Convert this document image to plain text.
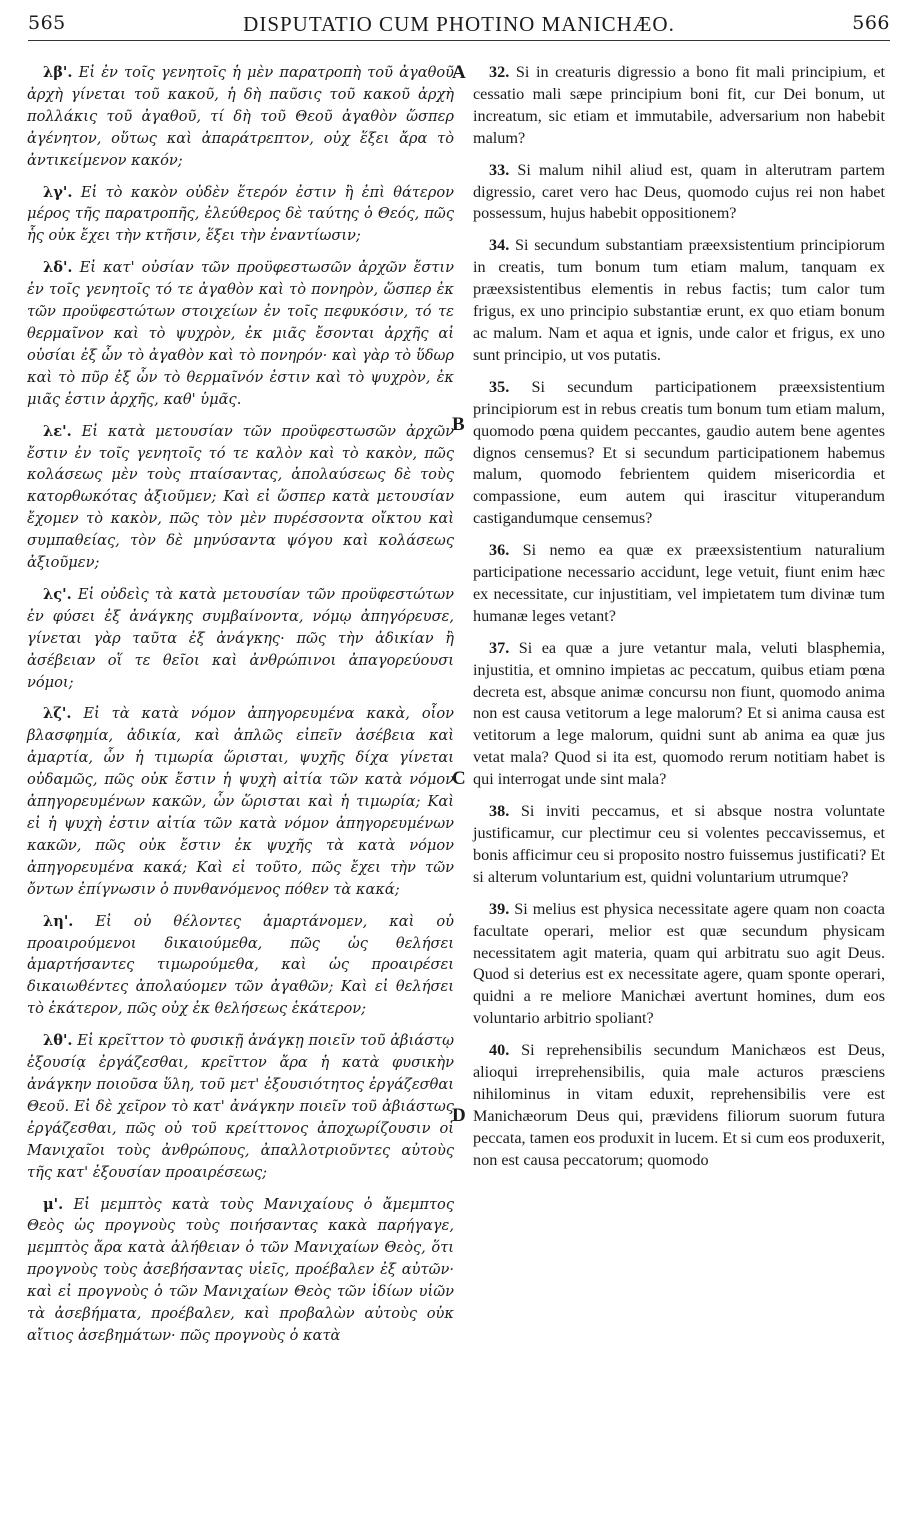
565	DISPUTATIO CUM PHOTINO MANICHÆO.	566

λβ'. Εἰ ἐν τοῖς γενητοῖς ἡ μὲν παρατροπὴ τοῦ ἀγαθοῦ ἀρχὴ γίνεται τοῦ κακοῦ, ἡ δὴ παῦσις τοῦ κακοῦ ἀρχὴ πολλάκις τοῦ ἀγαθοῦ, τί δὴ τοῦ Θεοῦ ἀγαθὸν ὥσπερ ἀγένητον, οὕτως καὶ ἀπαράτρεπτον, οὐχ ἕξει ἄρα τὸ ἀντικείμενον κακόν;

λγ'. Εἰ τὸ κακὸν οὐδὲν ἕτερόν ἐστιν ἢ ἐπὶ θάτερον μέρος τῆς παρατροπῆς, ἐλεύθερος δὲ ταύτης ὁ Θεός, πῶς ἧς οὐκ ἔχει τὴν κτῆσιν, ἕξει τὴν ἐναντίωσιν;

λδ'. Εἰ κατ' οὐσίαν τῶν προϋφεστωσῶν ἀρχῶν ἔστιν ἐν τοῖς γενητοῖς τό τε ἀγαθὸν καὶ τὸ πονηρὸν, ὥσπερ ἐκ τῶν προϋφεστώτων στοιχείων ἐν τοῖς πεφυκόσιν, τό τε θερμαῖνον καὶ τὸ ψυχρὸν, ἐκ μιᾶς ἔσονται ἀρχῆς αἱ οὐσίαι ἐξ ὧν τὸ ἀγαθὸν καὶ τὸ πονηρόν· καὶ γὰρ τὸ ὕδωρ καὶ τὸ πῦρ ἐξ ὧν τὸ θερμαῖνόν ἐστιν καὶ τὸ ψυχρὸν, ἐκ μιᾶς ἐστιν ἀρχῆς, καθ' ὑμᾶς.

λε'. Εἰ κατὰ μετουσίαν τῶν προϋφεστωσῶν ἀρχῶν ἔστιν ἐν τοῖς γενητοῖς τό τε καλὸν καὶ τὸ κακὸν, πῶς κολάσεως μὲν τοὺς πταίσαντας, ἀπολαύσεως δὲ τοὺς κατορθωκότας ἀξιοῦμεν; Καὶ εἰ ὥσπερ κατὰ μετουσίαν ἔχομεν τὸ κακὸν, πῶς τὸν μὲν πυρέσσοντα οἴκτου καὶ συμπαθείας, τὸν δὲ μηνύσαντα ψόγου καὶ κολάσεως ἀξιοῦμεν;

λς'. Εἰ οὐδεὶς τὰ κατὰ μετουσίαν τῶν προϋφεστώτων ἐν φύσει ἐξ ἀνάγκης συμβαίνοντα, νόμῳ ἀπηγόρευσε, γίνεται γὰρ ταῦτα ἐξ ἀνάγκης· πῶς τὴν ἀδικίαν ἢ ἀσέβειαν οἵ τε θεῖοι καὶ ἀνθρώπινοι ἀπαγορεύουσι νόμοι;

λζ'. Εἰ τὰ κατὰ νόμον ἀπηγορευμένα κακὰ, οἷον βλασφημία, ἀδικία, καὶ ἁπλῶς εἰπεῖν ἀσέβεια καὶ ἁμαρτία, ὧν ἡ τιμωρία ὥρισται, ψυχῆς δίχα γίνεται οὐδαμῶς, πῶς οὐκ ἔστιν ἡ ψυχὴ αἰτία τῶν κατὰ νόμον ἀπηγορευμένων κακῶν, ὧν ὥρισται καὶ ἡ τιμωρία; Καὶ εἰ ἡ ψυχὴ ἐστιν αἰτία τῶν κατὰ νόμον ἀπηγορευμένων κακῶν, πῶς οὐκ ἔστιν ἐκ ψυχῆς τὰ κατὰ νόμον ἀπηγορευμένα κακά; Καὶ εἰ τοῦτο, πῶς ἔχει τὴν τῶν ὄντων ἐπίγνωσιν ὁ πυνθανόμενος πόθεν τὰ κακά;

λη'. Εἰ οὐ θέλοντες ἁμαρτάνομεν, καὶ οὐ προαιρούμενοι δικαιούμεθα, πῶς ὡς θελήσει ἁμαρτήσαντες τιμωρούμεθα, καὶ ὡς προαιρέσει δικαιωθέντες ἀπολαύομεν τῶν ἀγαθῶν; Καὶ εἰ θελήσει τὸ ἑκάτερον, πῶς οὐχ ἐκ θελήσεως ἑκάτερον;

λθ'. Εἰ κρεῖττον τὸ φυσικῇ ἀνάγκῃ ποιεῖν τοῦ ἀβιάστῳ ἐξουσίᾳ ἐργάζεσθαι, κρεῖττον ἄρα ἡ κατὰ φυσικὴν ἀνάγκην ποιοῦσα ὕλη, τοῦ μετ' ἐξουσιότητος ἐργάζεσθαι Θεοῦ. Εἰ δὲ χεῖρον τὸ κατ' ἀνάγκην ποιεῖν τοῦ ἀβιάστως ἐργάζεσθαι, πῶς οὐ τοῦ κρείττονος ἀποχωρίζουσιν οἱ Μανιχαῖοι τοὺς ἀνθρώπους, ἀπαλλοτριοῦντες αὐτοὺς τῆς κατ' ἐξουσίαν προαιρέσεως;

μ'. Εἰ μεμπτὸς κατὰ τοὺς Μανιχαίους ὁ ἄμεμπτος Θεὸς ὡς προγνοὺς τοὺς ποιήσαντας κακὰ παρήγαγε, μεμπτὸς ἄρα κατὰ ἀλήθειαν ὁ τῶν Μανιχαίων Θεὸς, ὅτι προγνοὺς τοὺς ἀσεβήσαντας υἱεῖς, προέβαλεν ἐξ αὐτῶν· καὶ εἰ προγνοὺς ὁ τῶν Μανιχαίων Θεὸς τῶν ἰδίων υἱῶν τὰ ἀσεβήματα, προέβαλεν, καὶ προβαλὼν αὐτοὺς οὐκ αἴτιος ἀσεβημάτων· πῶς προγνοὺς ὁ κατὰ

32. Si in creaturis digressio a bono fit mali principium, et cessatio mali sæpe principium boni fit, cur Dei bonum, ut increatum, sic etiam et immutabile, adversarium non habebit malum?

33. Si malum nihil aliud est, quam in alterutram partem digressio, caret vero hac Deus, quomodo cujus rei non habet possessum, hujus habebit oppositionem?

34. Si secundum substantiam præexsistentium principiorum in creatis, tum bonum tum etiam malum, tanquam ex præexsistentibus elementis in rebus factis; tum calor tum frigus, ex uno principio substantiæ erunt, ex quo etiam bonum ac malum. Nam et aqua et ignis, unde calor et frigus, ex uno sunt principio, ut vos putatis.

35. Si secundum participationem præexsistentium principiorum est in rebus creatis tum bonum tum etiam malum, quomodo pœna quidem peccantes, gaudio autem bene agentes dignos censemus? Et si secundum participationem habemus malum, quomodo febrientem quidem misericordia et compassione, eum autem qui irascitur vituperandum castigandumque censemus?

36. Si nemo ea quæ ex præexsistentium naturalium participatione necessario accidunt, lege vetuit, fiunt enim hæc ex necessitate, cur injustitiam, vel impietatem tum divinæ tum humanæ leges vetant?

37. Si ea quæ a jure vetantur mala, veluti blasphemia, injustitia, et omnino impietas ac peccatum, quibus etiam pœna decreta est, absque animæ concursu non fiunt, quomodo anima non est causa vetitorum a lege malorum? Et si anima causa est vetitorum a lege malorum, quidni sunt ab anima ea quæ jus vetat mala? Quod si ita est, quomodo rerum notitiam habet is qui interrogat unde sint mala?

38. Si inviti peccamus, et si absque nostra voluntate justificamur, cur plectimur ceu si volentes peccavissemus, et bonis afficimur ceu si proposito nostro fuissemus justificati? Et si alterum voluntarium est, quidni voluntarium utrumque?

39. Si melius est physica necessitate agere quam non coacta facultate operari, melior est quæ secundum physicam necessitatem agit materia, quam qui arbitratu suo agit Deus. Quod si deterius est ex necessitate agere, quam sponte operari, quidni a re meliore Manichæi avertunt homines, dum eos voluntario arbitrio spoliant?

40. Si reprehensibilis secundum Manichæos est Deus, alioqui irreprehensibilis, quia male acturos præsciens nihilominus in vitam eduxit, reprehensibilis vere est Manichæorum Deus qui, prævidens filiorum suorum futura peccata, tamen eos produxit in lucem. Et si cum eos produxerit, non est causa peccatorum; quomodo

A
B
C
D
